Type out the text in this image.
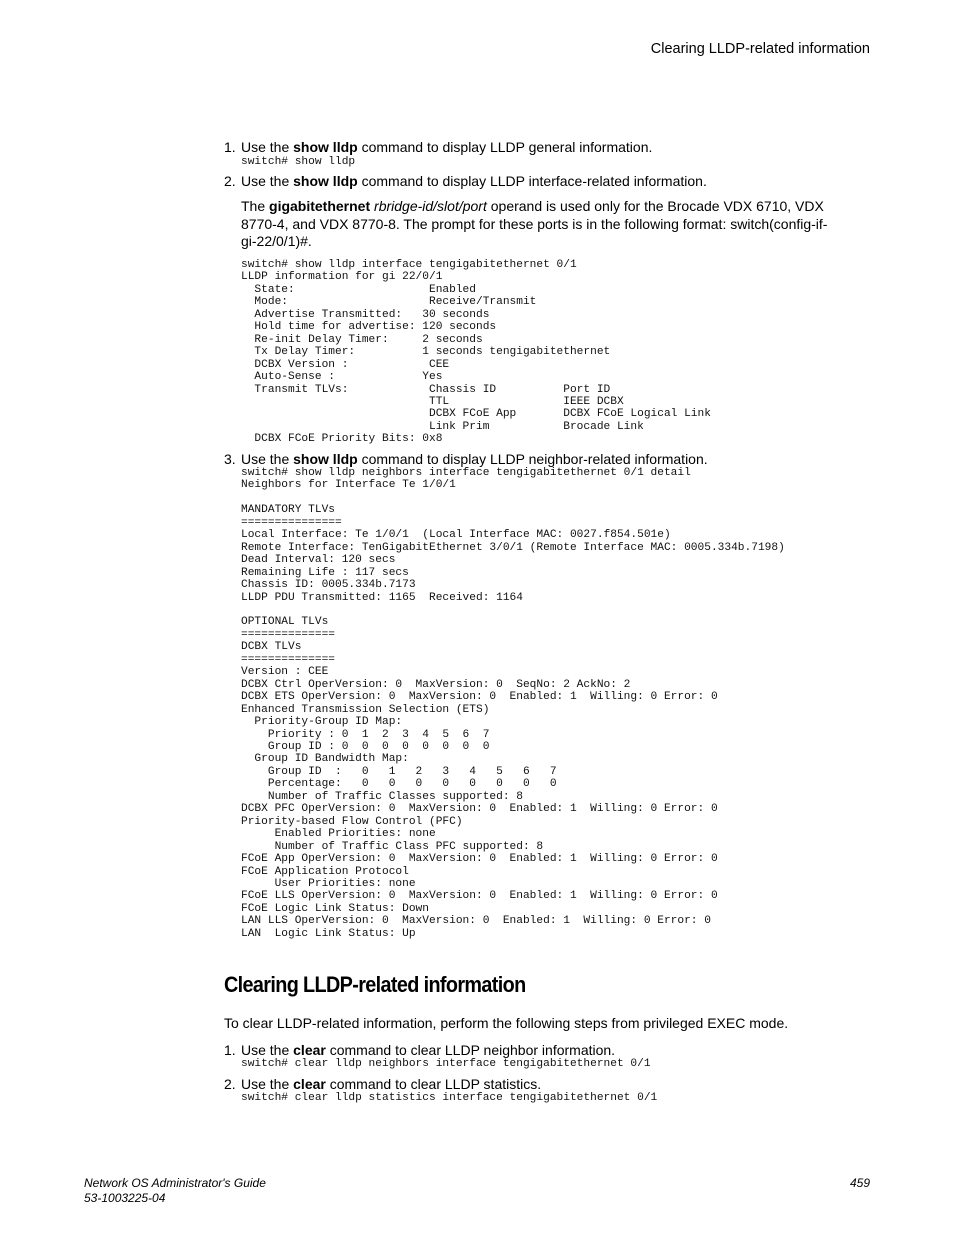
Clearing LLDP-related information
1. Use the show lldp command to display LLDP general information.
switch# show lldp
2. Use the show lldp command to display LLDP interface-related information.

The gigabitethernet rbridge-id/slot/port operand is used only for the Brocade VDX 6710, VDX 8770-4, and VDX 8770-8. The prompt for these ports is in the following format: switch(config-if-gi-22/0/1)#.

switch# show lldp interface tengigabitethernet 0/1
LLDP information for gi 22/0/1
State:                    Enabled
Mode:                     Receive/Transmit
Advertise Transmitted:   30 seconds
Hold time for advertise: 120 seconds
Re-init Delay Timer:     2 seconds
Tx Delay Timer:          1 seconds tengigabitethernet
DCBX Version :            CEE
Auto-Sense :             Yes
Transmit TLVs:            Chassis ID          Port ID
TTL                 IEEE DCBX
DCBX FCoE App       DCBX FCoE Logical Link
Link Prim           Brocade Link
DCBX FCoE Priority Bits: 0x8
3. Use the show lldp command to display LLDP neighbor-related information.
switch# show lldp neighbors interface tengigabitethernet 0/1 detail
Neighbors for Interface Te 1/0/1

MANDATORY TLVs
===============
Local Interface: Te 1/0/1  (Local Interface MAC: 0027.f854.501e)
Remote Interface: TenGigabitEthernet 3/0/1 (Remote Interface MAC: 0005.334b.7198)
Dead Interval: 120 secs
Remaining Life : 117 secs
Chassis ID: 0005.334b.7173
LLDP PDU Transmitted: 1165  Received: 1164

OPTIONAL TLVs
==============
DCBX TLVs
==============
Version : CEE
DCBX Ctrl OperVersion: 0  MaxVersion: 0  SeqNo: 2 AckNo: 2
DCBX ETS OperVersion: 0  MaxVersion: 0  Enabled: 1  Willing: 0 Error: 0
Enhanced Transmission Selection (ETS)
Priority-Group ID Map:
Priority : 0  1  2  3  4  5  6  7
Group ID : 0  0  0  0  0  0  0  0
Group ID Bandwidth Map:
Group ID  :   0   1   2   3   4   5   6   7
Percentage:   0   0   0   0   0   0   0   0
Number of Traffic Classes supported: 8
DCBX PFC OperVersion: 0  MaxVersion: 0  Enabled: 1  Willing: 0 Error: 0
Priority-based Flow Control (PFC)
Enabled Priorities: none
Number of Traffic Class PFC supported: 8
FCoE App OperVersion: 0  MaxVersion: 0  Enabled: 1  Willing: 0 Error: 0
FCoE Application Protocol
User Priorities: none
FCoE LLS OperVersion: 0  MaxVersion: 0  Enabled: 1  Willing: 0 Error: 0
FCoE Logic Link Status: Down
LAN LLS OperVersion: 0  MaxVersion: 0  Enabled: 1  Willing: 0 Error: 0
LAN  Logic Link Status: Up
Clearing LLDP-related information

To clear LLDP-related information, perform the following steps from privileged EXEC mode.

1. Use the clear command to clear LLDP neighbor information.
switch# clear lldp neighbors interface tengigabitethernet 0/1
2. Use the clear command to clear LLDP statistics.
switch# clear lldp statistics interface tengigabitethernet 0/1
Network OS Administrator's Guide
53-1003225-04
459
